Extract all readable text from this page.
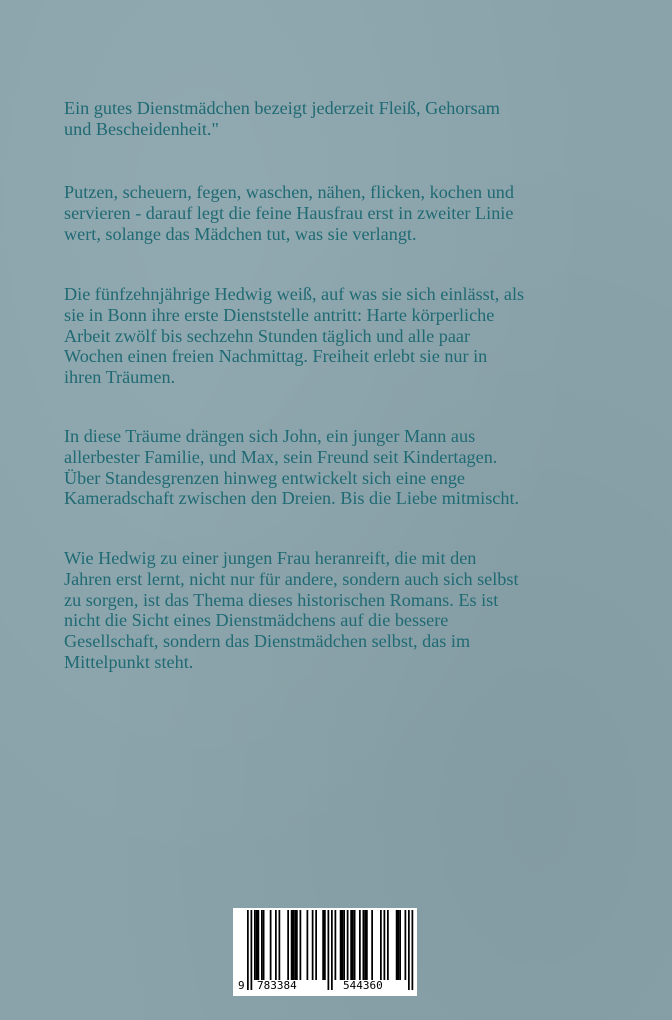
Ein gutes Dienstmädchen bezeigt jederzeit Fleiß, Gehorsam
und Bescheidenheit."

Putzen, scheuern, fegen, waschen, nähen, flicken, kochen und
servieren - darauf legt die feine Hausfrau erst in zweiter Linie
wert, solange das Mädchen tut, was sie verlangt.

Die fünfzehnjährige Hedwig weiß, auf was sie sich einlässt, als
sie in Bonn ihre erste Dienststelle antritt: Harte körperliche
Arbeit zwölf bis sechzehn Stunden täglich und alle paar
Wochen einen freien Nachmittag. Freiheit erlebt sie nur in
ihren Träumen.

In diese Träume drängen sich John, ein junger Mann aus
allerbester Familie, und Max, sein Freund seit Kindertagen.
Über Standesgrenzen hinweg entwickelt sich eine enge
Kameradschaft zwischen den Dreien. Bis die Liebe mitmischt.

Wie Hedwig zu einer jungen Frau heranreift, die mit den
Jahren erst lernt, nicht nur für andere, sondern auch sich selbst
zu sorgen, ist das Thema dieses historischen Romans. Es ist
nicht die Sicht eines Dienstmädchens auf die bessere
Gesellschaft, sondern das Dienstmädchen selbst, das im
Mittelpunkt steht.

9 783384	544360
